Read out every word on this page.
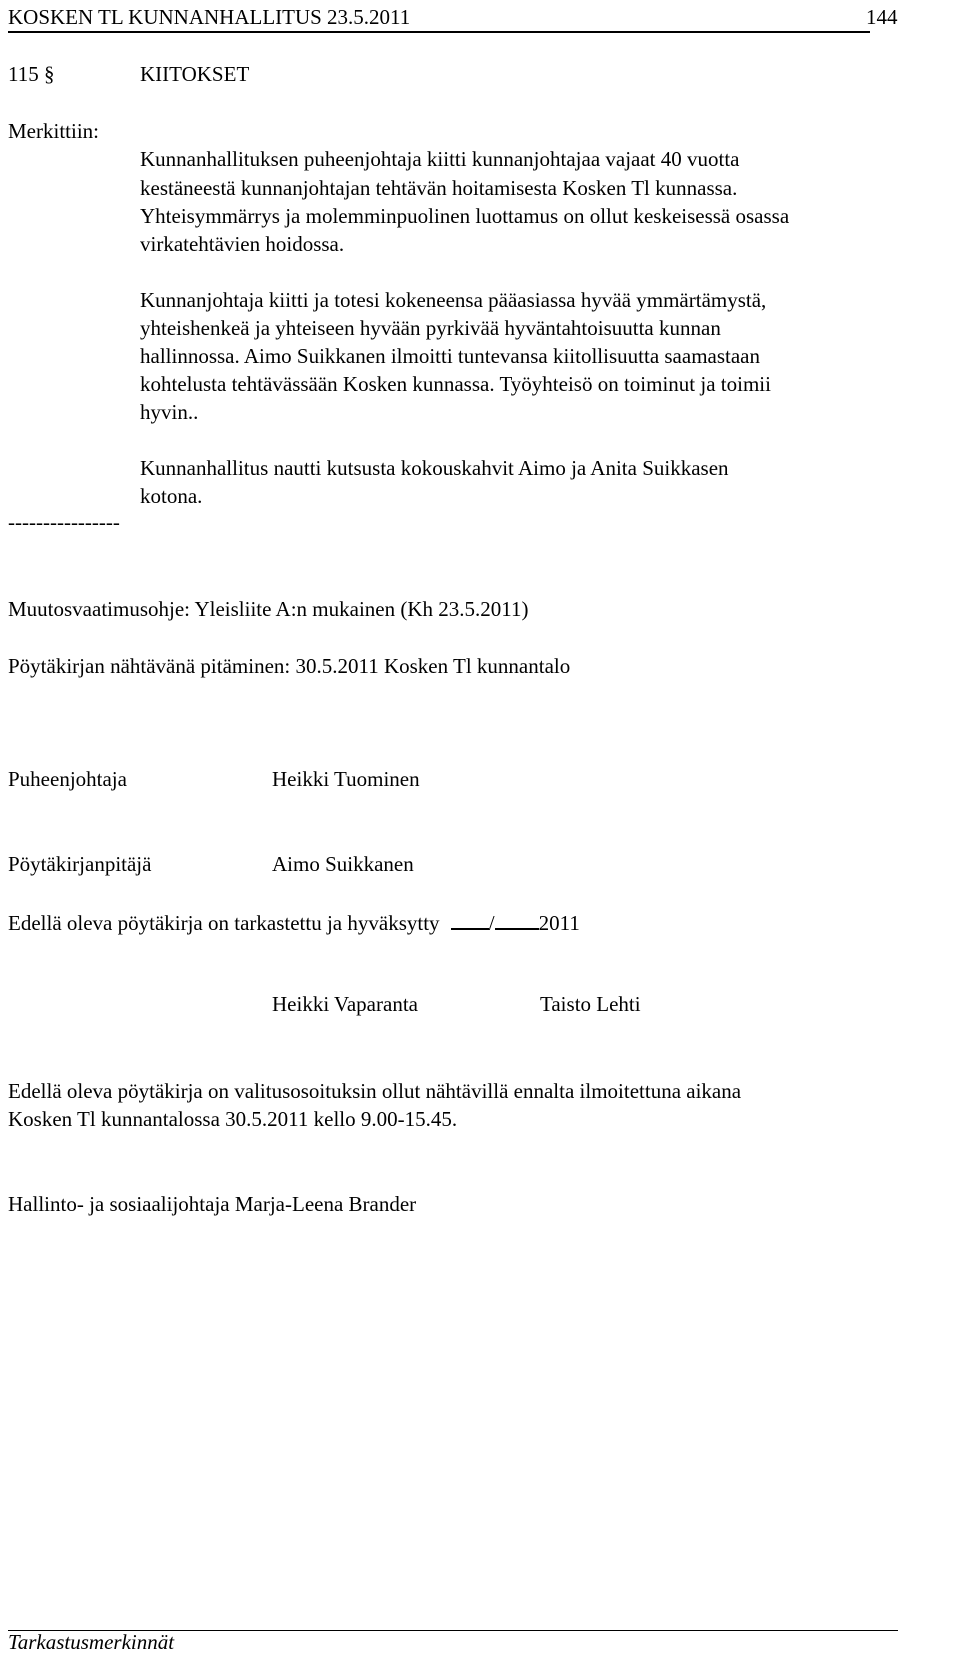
KOSKEN TL KUNNANHALLITUS 23.5.2011	144
115 §	KIITOKSET
Merkittiin:
Kunnanhallituksen puheenjohtaja kiitti kunnanjohtajaa vajaat 40 vuotta
kestäneestä kunnanjohtajan tehtävän hoitamisesta Kosken Tl kunnassa.
Yhteisymmärrys ja molemminpuolinen luottamus on ollut keskeisessä osassa
virkatehtävien hoidossa.
Kunnanjohtaja kiitti ja totesi kokeneensa pääasiassa hyvää ymmärtämystä,
yhteishenkeä ja yhteiseen hyvään pyrkivää hyväntahtoisuutta kunnan
hallinnossa. Aimo Suikkanen ilmoitti tuntevansa kiitollisuutta saamastaan
kohtelusta tehtävässään Kosken kunnassa. Työyhteisö on toiminut ja toimii
hyvin..
Kunnanhallitus nautti kutsusta kokouskahvit Aimo ja Anita Suikkasen
kotona.
----------------
Muutosvaatimusohje: Yleisliite A:n mukainen (Kh 23.5.2011)
Pöytäkirjan nähtävänä pitäminen: 30.5.2011 Kosken Tl kunnantalo
Puheenjohtaja	Heikki Tuominen
Pöytäkirjanpitäjä	Aimo Suikkanen
Edellä oleva pöytäkirja on tarkastettu ja hyväksytty / 2011
Heikki Vaparanta	Taisto Lehti
Edellä oleva pöytäkirja on valitusosoituksin ollut nähtävillä ennalta ilmoitettuna aikana
Kosken Tl kunnantalossa 30.5.2011 kello 9.00-15.45.
Hallinto- ja sosiaalijohtaja Marja-Leena Brander
Tarkastusmerkinnät
